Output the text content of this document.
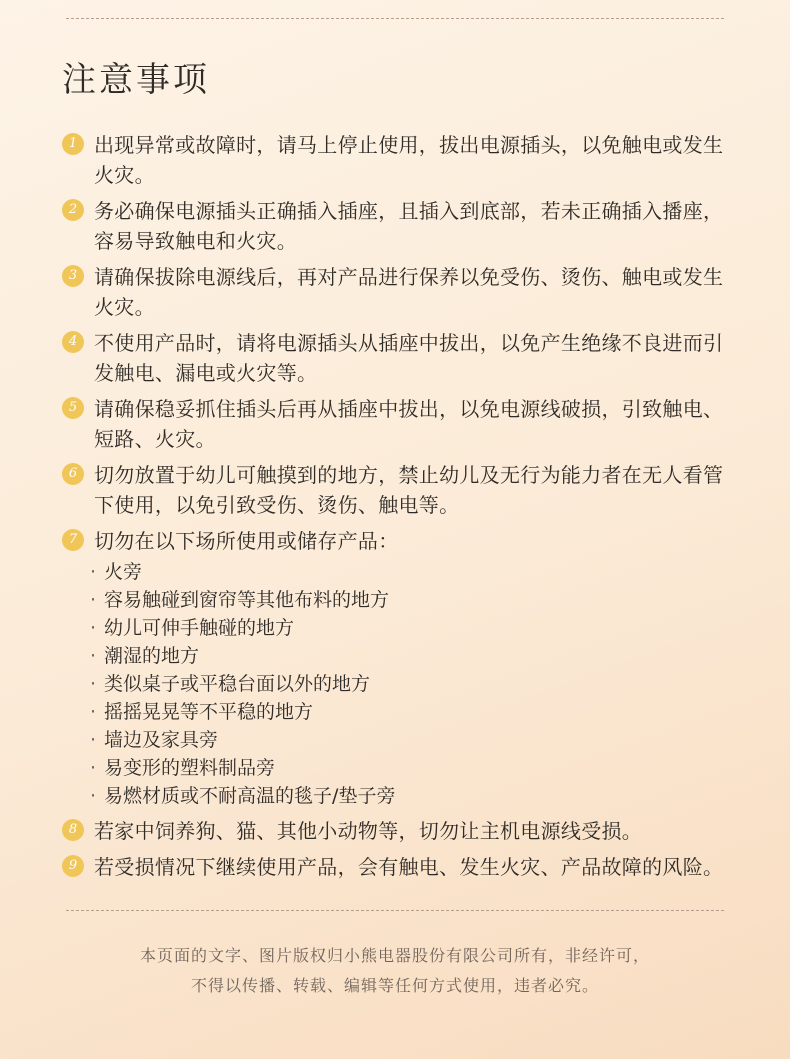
注意事项
1 出现异常或故障时，请马上停止使用，拔出电源插头，以免触电或发生火灾。
2 务必确保电源插头正确插入插座，且插入到底部，若未正确插入播座，容易导致触电和火灾。
3 请确保拔除电源线后，再对产品进行保养以免受伤、烫伤、触电或发生火灾。
4 不使用产品时，请将电源插头从插座中拔出，以免产生绝缘不良进而引发触电、漏电或火灾等。
5 请确保稳妥抓住插头后再从插座中拔出，以免电源线破损，引致触电、短路、火灾。
6 切勿放置于幼儿可触摸到的地方，禁止幼儿及无行为能力者在无人看管下使用，以免引致受伤、烫伤、触电等。
7 切勿在以下场所使用或储存产品：
· 火旁
· 容易触碰到窗帘等其他布料的地方
· 幼儿可伸手触碰的地方
· 潮湿的地方
· 类似桌子或平稳台面以外的地方
· 摇摇晃晃等不平稳的地方
· 墙边及家具旁
· 易变形的塑料制品旁
· 易燃材质或不耐高温的毯子/垫子旁
8 若家中饲养狗、猫、其他小动物等，切勿让主机电源线受损。
9 若受损情况下继续使用产品，会有触电、发生火灾、产品故障的风险。
本页面的文字、图片版权归小熊电器股份有限公司所有，非经许可，
不得以传播、转载、编辑等任何方式使用，违者必究。
